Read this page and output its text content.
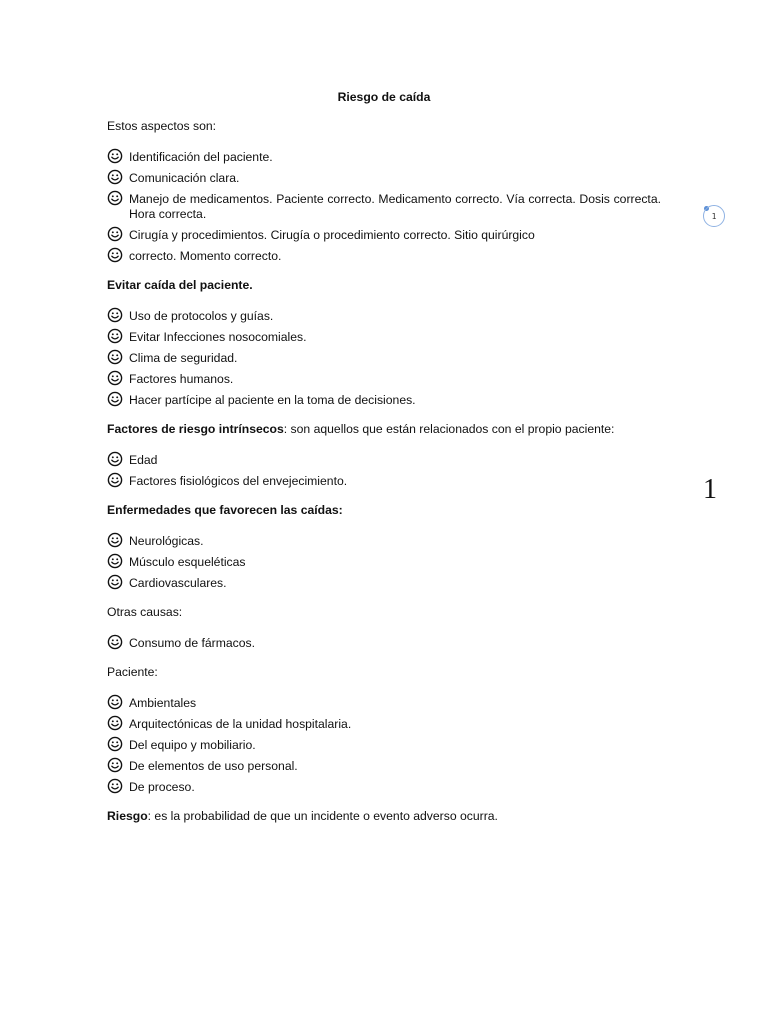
Riesgo de caída
Estos aspectos son:
Identificación del paciente.
Comunicación clara.
Manejo de medicamentos. Paciente correcto. Medicamento correcto. Vía correcta. Dosis correcta. Hora correcta.
Cirugía y procedimientos. Cirugía o procedimiento correcto. Sitio quirúrgico
correcto. Momento correcto.
Evitar caída del paciente.
Uso de protocolos y guías.
Evitar Infecciones nosocomiales.
Clima de seguridad.
Factores humanos.
Hacer partícipe al paciente en la toma de decisiones.
Factores de riesgo intrínsecos: son aquellos que están relacionados con el propio paciente:
Edad
Factores fisiológicos del envejecimiento.
Enfermedades que favorecen las caídas:
Neurológicas.
Músculo esqueléticas
Cardiovasculares.
Otras causas:
Consumo de fármacos.
Paciente:
Ambientales
Arquitectónicas de la unidad hospitalaria.
Del equipo y mobiliario.
De elementos de uso personal.
De proceso.
Riesgo: es la probabilidad de que un incidente o evento adverso ocurra.
1
1
